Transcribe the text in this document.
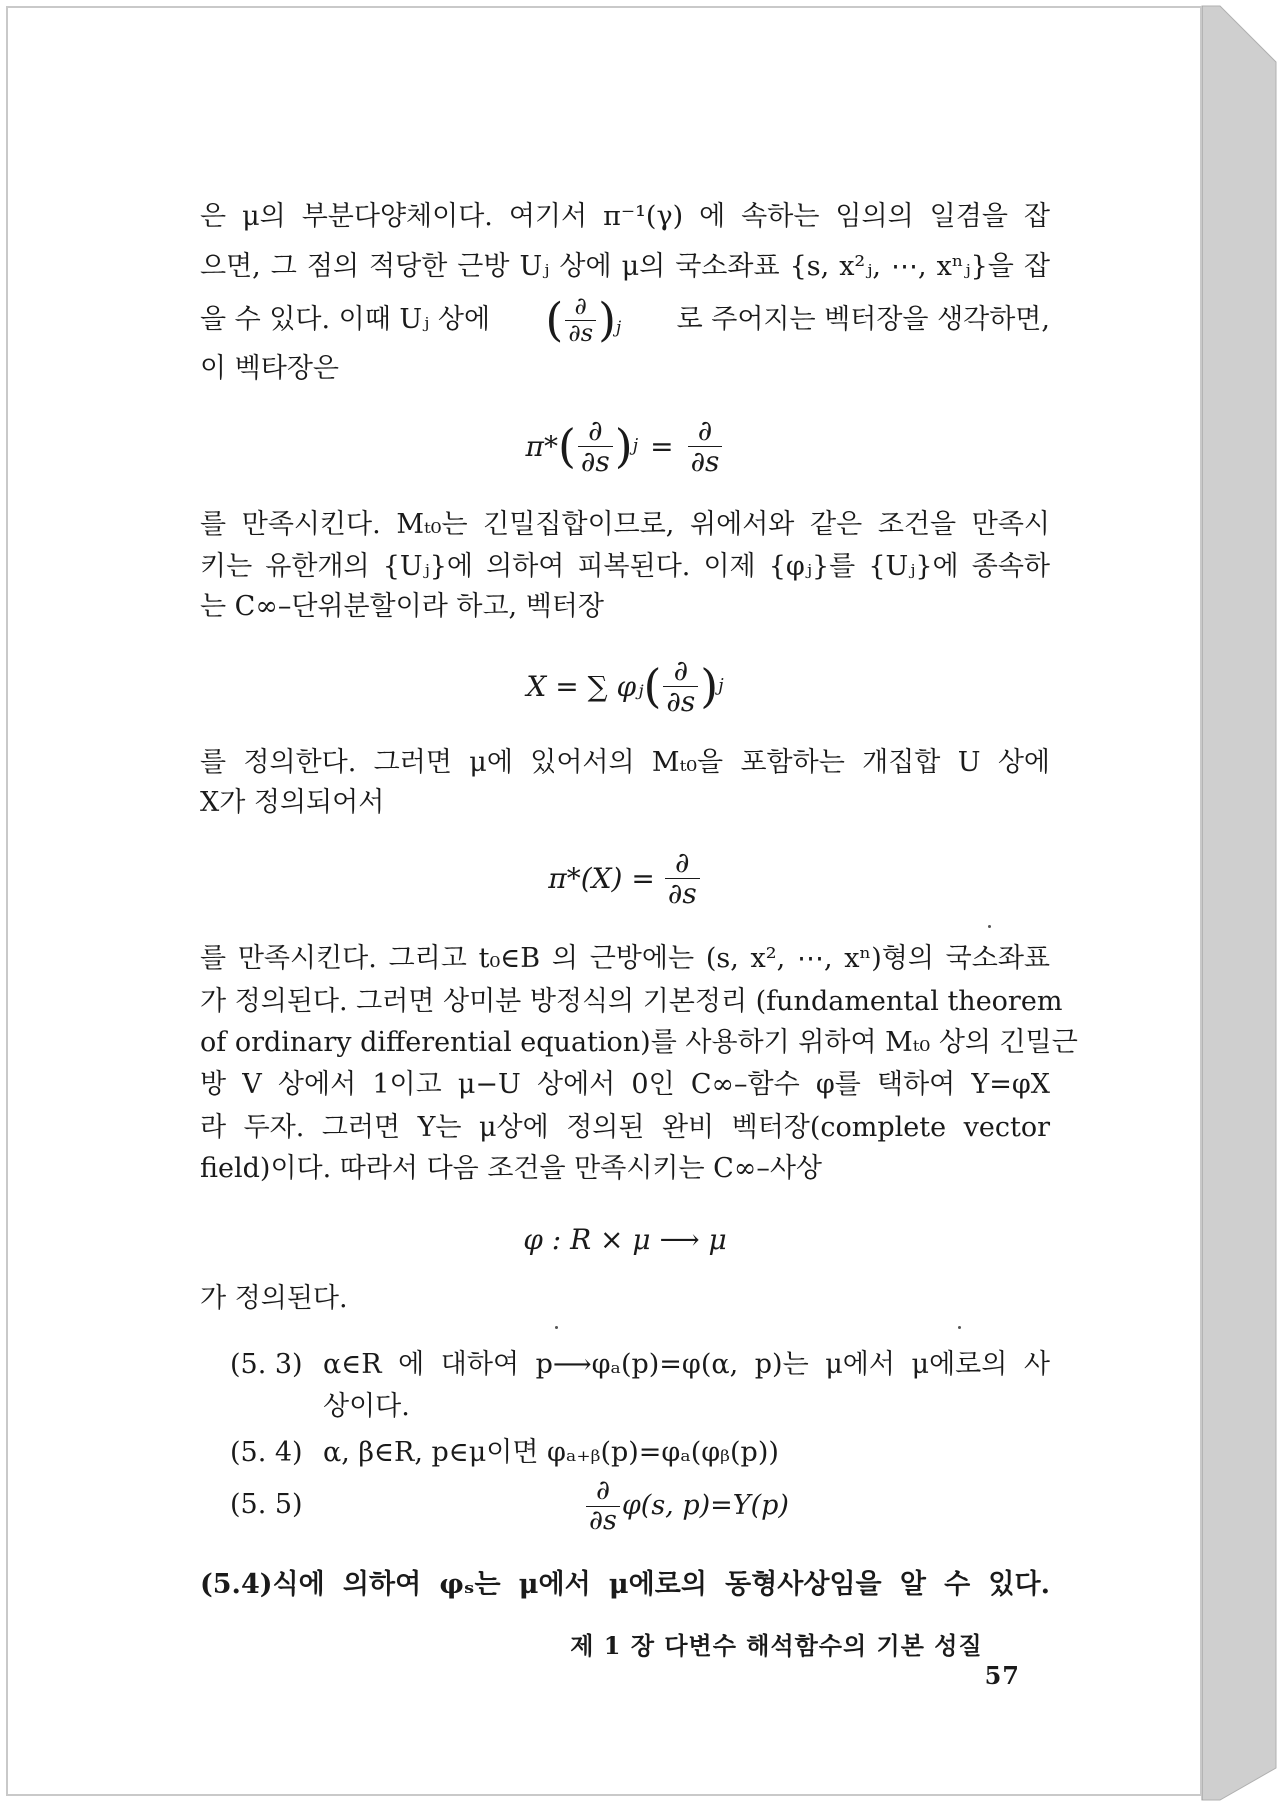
은 μ의 부분다양체이다. 여기서 π⁻¹(γ) 에 속하는 임의의 일겸을 잡

으면, 그 점의 적당한 근방 Uⱼ 상에 μ의 국소좌표 {s, x²ⱼ, ⋯, xⁿⱼ}을 잡

을 수 있다. 이때 Uⱼ 상에 ( $\frac{\partial}{\partial s} )_j$ 로 주어지는 벡터장을 생각하면,

이 벡타장은

π* ( $\frac{\partial}{\partial s}$ ) $j = \frac{\partial}{\partial s}$

를 만족시킨다. Mₜ₀는 긴밀집합이므로, 위에서와 같은 조건을 만족시

키는 유한개의 {Uⱼ}에 의하여 피복된다. 이제 {φⱼ}를 {Uⱼ}에 종속하

는 C∞–단위분할이라 하고, 벡터장

X = ∑ φⱼ ( $\frac{\partial}{\partial s}$ ) j

를 정의한다. 그러면 μ에 있어서의 Mₜ₀을 포함하는 개집합 U 상에

X가 정의되어서

$\pi*(X) = \frac{\partial}{\partial s}$

를 만족시킨다. 그리고 t₀∈B 의 근방에는 (s, x², ⋯, xⁿ)형의 국소좌표

가 정의된다. 그러면 상미분 방정식의 기본정리 (fundamental theorem

of ordinary differential equation)를 사용하기 위하여 Mₜ₀ 상의 긴밀근

방 V 상에서 1이고 μ−U 상에서 0인 C∞–함수 φ를 택하여 Y=φX

라 두자. 그러면 Y는 μ상에 정의된 완비 벡터장(complete vector

field)이다. 따라서 다음 조건을 만족시키는 C∞–사상

φ : R × μ ⟶ μ

가 정의된다.

(5. 3) α∈R 에 대하여 p⟶φₐ(p)=φ(α, p)는 μ에서 μ에로의 사

상이다.

(5. 4) α, β∈R, p∈μ이면 φₐ₊ᵦ(p)=φₐ(φᵦ(p))

(5. 5)	$\frac{\partial}{\partial s} \varphi(s$, p)=Y(p)

(5.4)식에 의하여 φₛ는 μ에서 μ에로의 동형사상임을 알 수 있다.

제 1 장 다변수 해석함수의 기본 성질  57
